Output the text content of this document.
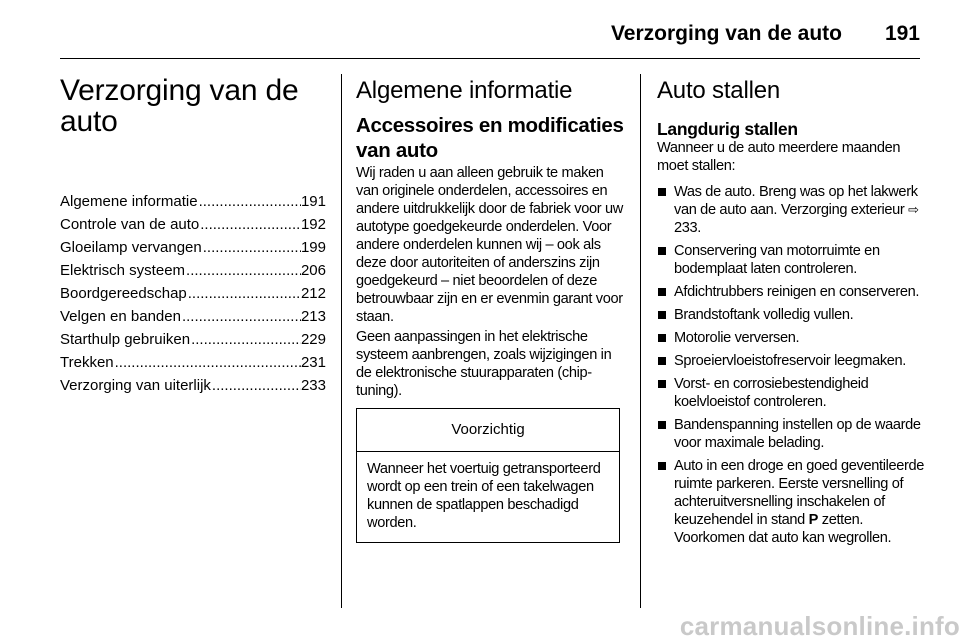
Verzorging van de auto 191
Verzorging van de auto
Algemene informatie .....	191
Controle van de auto .....	192
Gloeilamp vervangen .....	199
Elektrisch systeem .....	206
Boordgereedschap .....	212
Velgen en banden .....	213
Starthulp gebruiken .....	229
Trekken .....	231
Verzorging van uiterlijk .....	233
Algemene informatie
Accessoires en modificaties van auto

Wij raden u aan alleen gebruik te maken van originele onderdelen, accessoires en andere uitdrukkelijk door de fabriek voor uw autotype goedgekeurde onderdelen. Voor andere onderdelen kunnen wij – ook als deze door autoriteiten of anderszins zijn goedgekeurd – niet beoordelen of deze betrouwbaar zijn en er evenmin garant voor staan.

Geen aanpassingen in het elektrische systeem aanbrengen, zoals wijzigingen in de elektronische stuurapparaten (chip-tuning).

Voorzichtig
Wanneer het voertuig getransporteerd wordt op een trein of een takelwagen kunnen de spatlappen beschadigd worden.
Auto stallen
Langdurig stallen

Wanneer u de auto meerdere maanden moet stallen:

Was de auto. Breng was op het lakwerk van de auto aan. Verzorging exterieur ⇨ 233.
Conservering van motorruimte en bodemplaat laten controleren.
Afdichtrubbers reinigen en conserveren.
Brandstoftank volledig vullen.
Motorolie verversen.
Sproeiervloeistofreservoir leegmaken.
Vorst- en corrosiebestendigheid koelvloeistof controleren.
Bandenspanning instellen op de waarde voor maximale belading.
Auto in een droge en goed geventileerde ruimte parkeren. Eerste versnelling of achteruitversnelling inschakelen of keuzehendel in stand P zetten. Voorkomen dat auto kan wegrollen.
carmanualsonline.info
